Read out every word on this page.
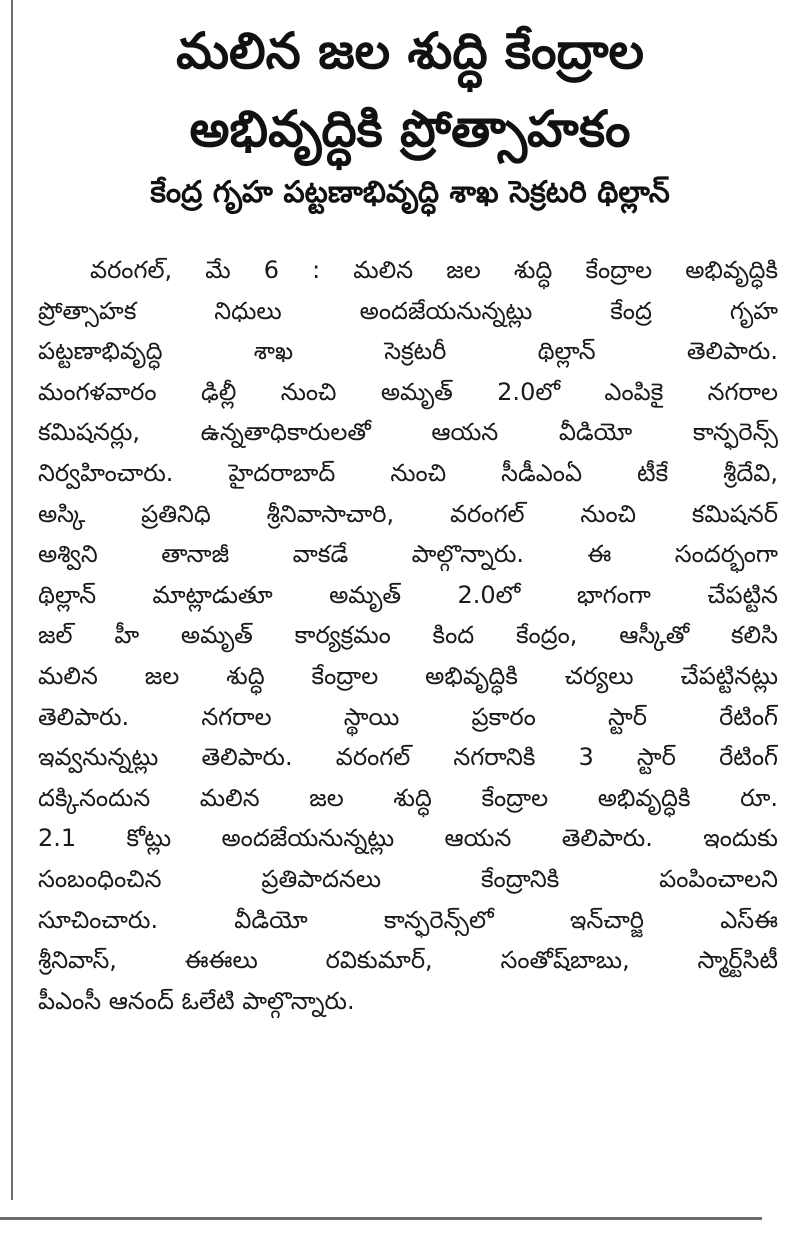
మలిన జల శుద్ధి కేంద్రాల
అభివృద్ధికి ప్రోత్సాహకం
కేంద్ర గృహ పట్టణాభివృద్ధి శాఖ సెక్రటరి థిల్లాన్
వరంగల్, మే 6 : మలిన జల శుద్ధి కేంద్రాల అభివృద్ధికి
ప్రోత్సాహక నిధులు అందజేయనున్నట్లు కేంద్ర గృహ
పట్టణాభివృద్ధి శాఖ సెక్రటరీ థిల్లాన్ తెలిపారు.
మంగళవారం ఢిల్లీ నుంచి అమృత్ 2.0లో ఎంపికై నగరాల
కమిషనర్లు, ఉన్నతాధికారులతో ఆయన వీడియో కాన్ఫరెన్స్
నిర్వహించారు. హైదరాబాద్ నుంచి సీడీఎంఏ టీకే శ్రీదేవి,
అస్కి ప్రతినిధి శ్రీనివాసాచారి, వరంగల్ నుంచి కమిషనర్
అశ్విని తానాజీ వాకడే పాల్గొన్నారు. ఈ సందర్భంగా
థిల్లాన్ మాట్లాడుతూ అమృత్ 2.0లో భాగంగా చేపట్టిన
జల్ హీ అమృత్ కార్యక్రమం కింద కేంద్రం, ఆస్కీతో కలిసి
మలిన జల శుద్ధి కేంద్రాల అభివృద్ధికి చర్యలు చేపట్టినట్లు
తెలిపారు. నగరాల స్థాయి ప్రకారం స్టార్ రేటింగ్
ఇవ్వనున్నట్లు తెలిపారు. వరంగల్ నగరానికి 3 స్టార్ రేటింగ్
దక్కినందున మలిన జల శుద్ధి కేంద్రాల అభివృద్ధికి రూ.
2.1 కోట్లు అందజేయనున్నట్లు ఆయన తెలిపారు. ఇందుకు
సంబంధించిన ప్రతిపాదనలు కేంద్రానికి పంపించాలని
సూచించారు. వీడియో కాన్ఫరెన్స్‌లో ఇన్‌చార్జి ఎస్ఈ
శ్రీనివాస్, ఈఈలు రవికుమార్, సంతోష్‌బాబు, స్మార్ట్‌సిటీ
పీఎంసీ ఆనంద్ ఓలేటి పాల్గొన్నారు.
